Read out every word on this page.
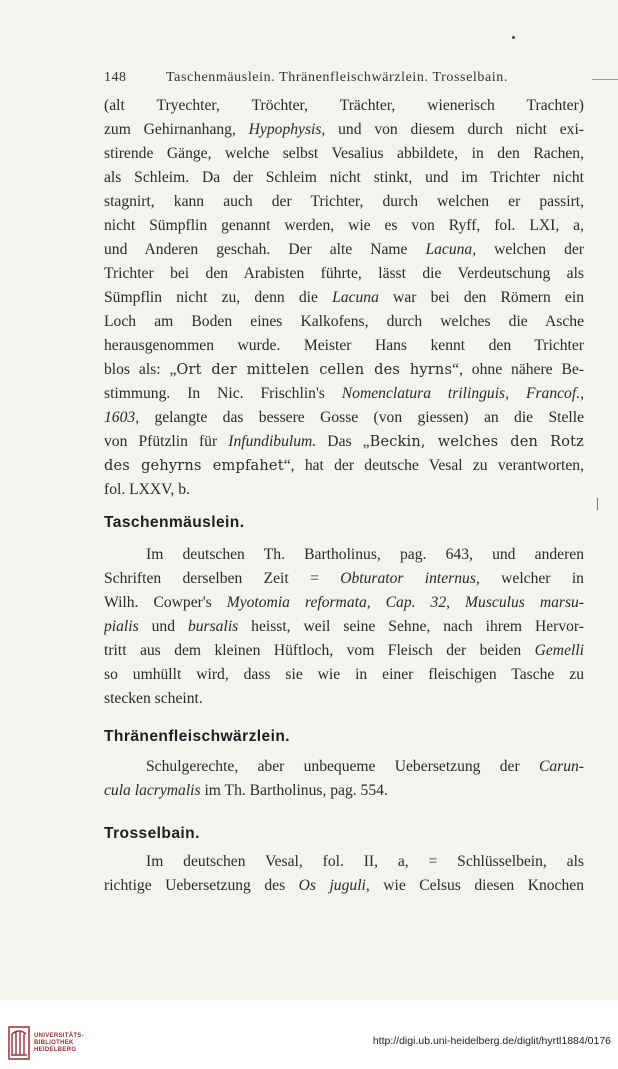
148	Taschenmäuslein. Thränenfleischwärzlein. Trosselbain.
(alt Tryechter, Tröchter, Trächter, wienerisch Trachter)
zum Gehirnanhang, Hypophysis, und von diesem durch nicht exi-
stirende Gänge, welche selbst Vesalius abbildete, in den Rachen,
als Schleim. Da der Schleim nicht stinkt, und im Trichter nicht
stagnirt, kann auch der Trichter, durch welchen er passirt,
nicht Sümpflin genannt werden, wie es von Ryff, fol. LXI, a,
und Anderen geschah. Der alte Name Lacuna, welchen der
Trichter bei den Arabisten führte, lässt die Verdeutschung als
Sümpflin nicht zu, denn die Lacuna war bei den Römern ein
Loch am Boden eines Kalkofens, durch welches die Asche
herausgenommen wurde. Meister Hans kennt den Trichter
blos als: „Ort der mittelen cellen des hyrns“, ohne nähere Be-
stimmung. In Nic. Frischlin's Nomenclatura trilinguis, Francof.,
1603, gelangte das bessere Gosse (von giessen) an die Stelle
von Pfützlin für Infundibulum. Das „Beckin, welches den Rotz
des gehyrns empfahet“, hat der deutsche Vesal zu verantworten,
fol. LXXV, b.
Taschenmäuslein.
Im deutschen Th. Bartholinus, pag. 643, und anderen
Schriften derselben Zeit = Obturator internus, welcher in
Wilh. Cowper's Myotomia reformata, Cap. 32, Musculus marsu-
pialis und bursalis heisst, weil seine Sehne, nach ihrem Hervor-
tritt aus dem kleinen Hüftloch, vom Fleisch der beiden Gemelli
so umhüllt wird, dass sie wie in einer fleischigen Tasche zu
stecken scheint.
Thränenfleischwärzlein.
Schulgerechte, aber unbequeme Uebersetzung der Carun-
cula lacrymalis im Th. Bartholinus, pag. 554.
Trosselbain.
Im deutschen Vesal, fol. II, a, = Schlüsselbein, als
richtige Uebersetzung des Os juguli, wie Celsus diesen Knochen
UNIVERSITÄTS-
BIBLIOTHEK
HEIDELBERG
http://digi.ub.uni-heidelberg.de/diglit/hyrtl1884/0176
